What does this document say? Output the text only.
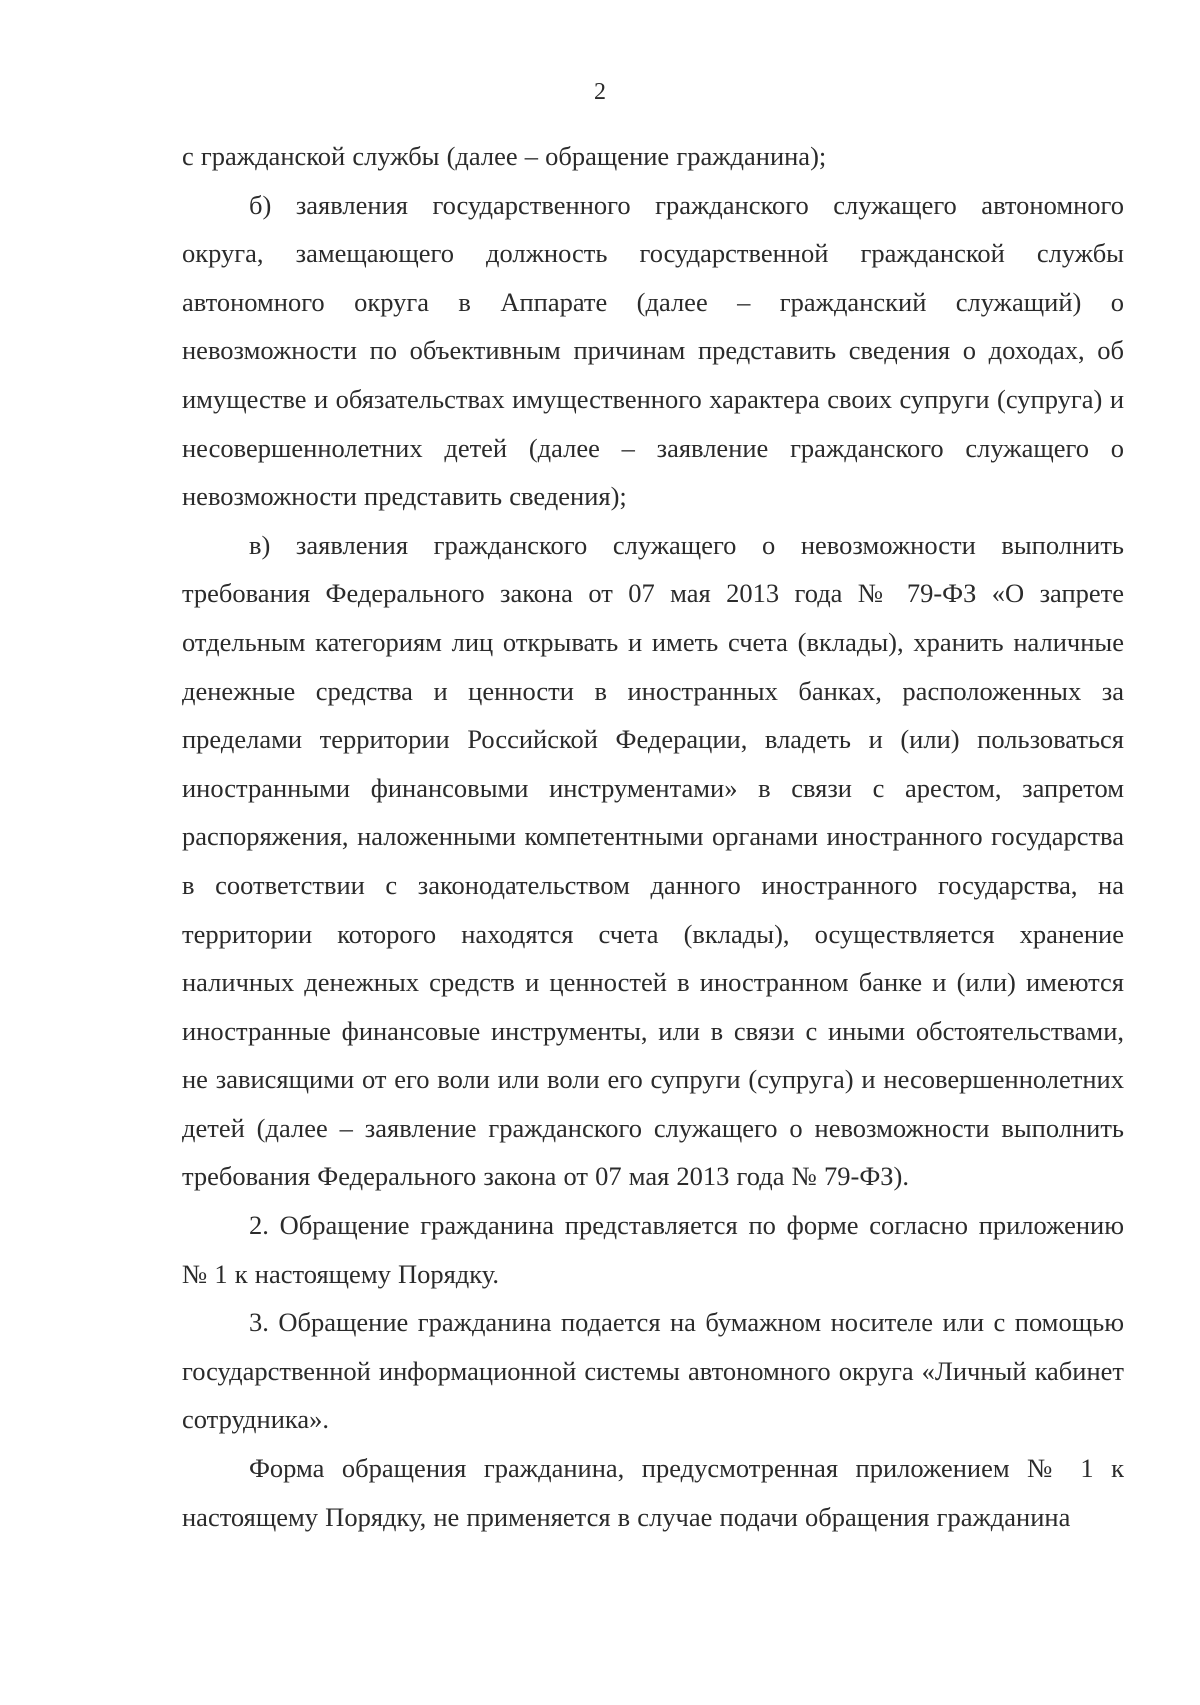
2

с гражданской службы (далее – обращение гражданина);

б) заявления государственного гражданского служащего автономного округа, замещающего должность государственной гражданской службы автономного округа в Аппарате (далее – гражданский служащий) о невозможности по объективным причинам представить сведения о доходах, об имуществе и обязательствах имущественного характера своих супруги (супруга) и несовершеннолетних детей (далее – заявление гражданского служащего о невозможности представить сведения);

в) заявления гражданского служащего о невозможности выполнить требования Федерального закона от 07 мая 2013 года № 79-ФЗ «О запрете отдельным категориям лиц открывать и иметь счета (вклады), хранить наличные денежные средства и ценности в иностранных банках, расположенных за пределами территории Российской Федерации, владеть и (или) пользоваться иностранными финансовыми инструментами» в связи с арестом, запретом распоряжения, наложенными компетентными органами иностранного государства в соответствии с законодательством данного иностранного государства, на территории которого находятся счета (вклады), осуществляется хранение наличных денежных средств и ценностей в иностранном банке и (или) имеются иностранные финансовые инструменты, или в связи с иными обстоятельствами, не зависящими от его воли или воли его супруги (супруга) и несовершеннолетних детей (далее – заявление гражданского служащего о невозможности выполнить требования Федерального закона от 07 мая 2013 года № 79-ФЗ).

2. Обращение гражданина представляется по форме согласно приложению № 1 к настоящему Порядку.

3. Обращение гражданина подается на бумажном носителе или с помощью государственной информационной системы автономного округа «Личный кабинет сотрудника».

Форма обращения гражданина, предусмотренная приложением № 1 к настоящему Порядку, не применяется в случае подачи обращения гражданина
